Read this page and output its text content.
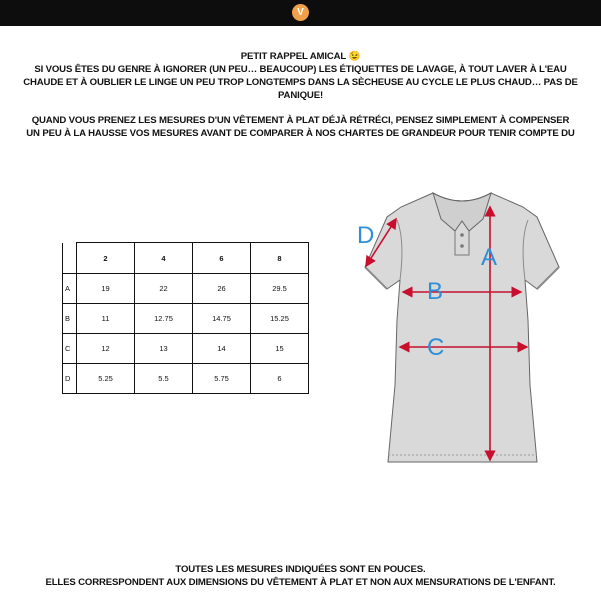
V
PETIT RAPPEL AMICAL 😉
SI VOUS ÊTES DU GENRE À IGNORER (UN PEU… BEAUCOUP) LES ÉTIQUETTES DE LAVAGE, À TOUT LAVER À L'EAU
CHAUDE ET À OUBLIER LE LINGE UN PEU TROP LONGTEMPS DANS LA SÈCHEUSE AU CYCLE LE PLUS CHAUD… PAS DE
PANIQUE!
QUAND VOUS PRENEZ LES MESURES D'UN VÊTEMENT À PLAT DÉJÀ RÉTRÉCI, PENSEZ SIMPLEMENT À COMPENSER
UN PEU À LA HAUSSE VOS MESURES AVANT DE COMPARER À NOS CHARTES DE GRANDEUR POUR TENIR COMPTE DU
	2	4	6	8
A	19	22	26	29.5
B	11	12.75	14.75	15.25
C	12	13	14	15
D	5.25	5.5	5.75	6
A
B
C
D
TOUTES LES MESURES INDIQUÉES SONT EN POUCES.
ELLES CORRESPONDENT AUX DIMENSIONS DU VÊTEMENT À PLAT ET NON AUX MENSURATIONS DE L'ENFANT.
